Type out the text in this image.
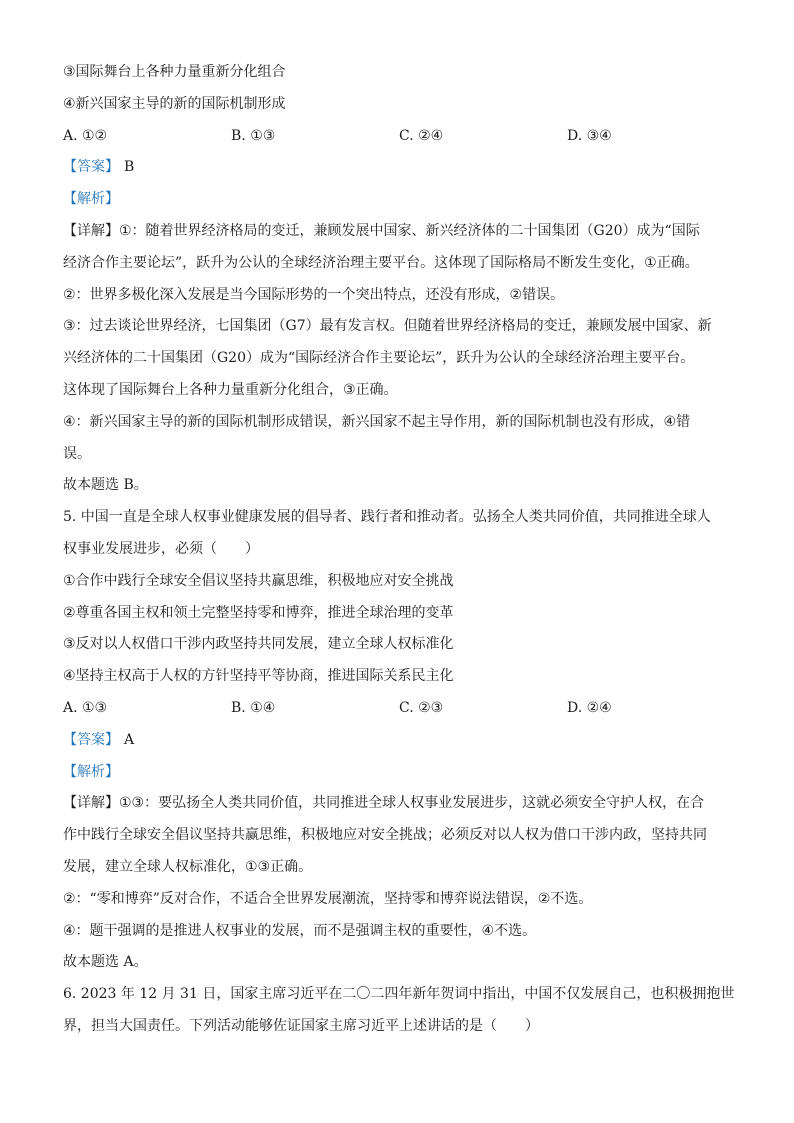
③国际舞台上各种力量重新分化组合
④新兴国家主导的新的国际机制形成
A. ①②	B. ①③	C. ②④	D. ③④
【答案】 B
【解析】
【详解】①：随着世界经济格局的变迁，兼顾发展中国家、新兴经济体的二十国集团（G20）成为“国际
经济合作主要论坛”，跃升为公认的全球经济治理主要平台。这体现了国际格局不断发生变化，①正确。
②：世界多极化深入发展是当今国际形势的一个突出特点，还没有形成，②错误。
③：过去谈论世界经济，七国集团（G7）最有发言权。但随着世界经济格局的变迁，兼顾发展中国家、新
兴经济体的二十国集团（G20）成为“国际经济合作主要论坛”，跃升为公认的全球经济治理主要平台。
这体现了国际舞台上各种力量重新分化组合，③正确。
④：新兴国家主导的新的国际机制形成错误，新兴国家不起主导作用，新的国际机制也没有形成，④错
误。
故本题选 B。
5. 中国一直是全球人权事业健康发展的倡导者、践行者和推动者。弘扬全人类共同价值，共同推进全球人
权事业发展进步，必须（　　）
①合作中践行全球安全倡议坚持共赢思维，积极地应对安全挑战
②尊重各国主权和领土完整坚持零和博弈，推进全球治理的变革
③反对以人权借口干涉内政坚持共同发展，建立全球人权标准化
④坚持主权高于人权的方针坚持平等协商，推进国际关系民主化
A. ①③	B. ①④	C. ②③	D. ②④
【答案】 A
【解析】
【详解】①③：要弘扬全人类共同价值，共同推进全球人权事业发展进步，这就必须安全守护人权，在合
作中践行全球安全倡议坚持共赢思维，积极地应对安全挑战；必须反对以人权为借口干涉内政，坚持共同
发展，建立全球人权标准化，①③正确。
②：“零和博弈”反对合作，不适合全世界发展潮流，坚持零和博弈说法错误，②不选。
④：题干强调的是推进人权事业的发展，而不是强调主权的重要性，④不选。
故本题选 A。
6. 2023 年 12 月 31 日，国家主席习近平在二〇二四年新年贺词中指出，中国不仅发展自己，也积极拥抱世
界，担当大国责任。下列活动能够佐证国家主席习近平上述讲话的是（　　）
